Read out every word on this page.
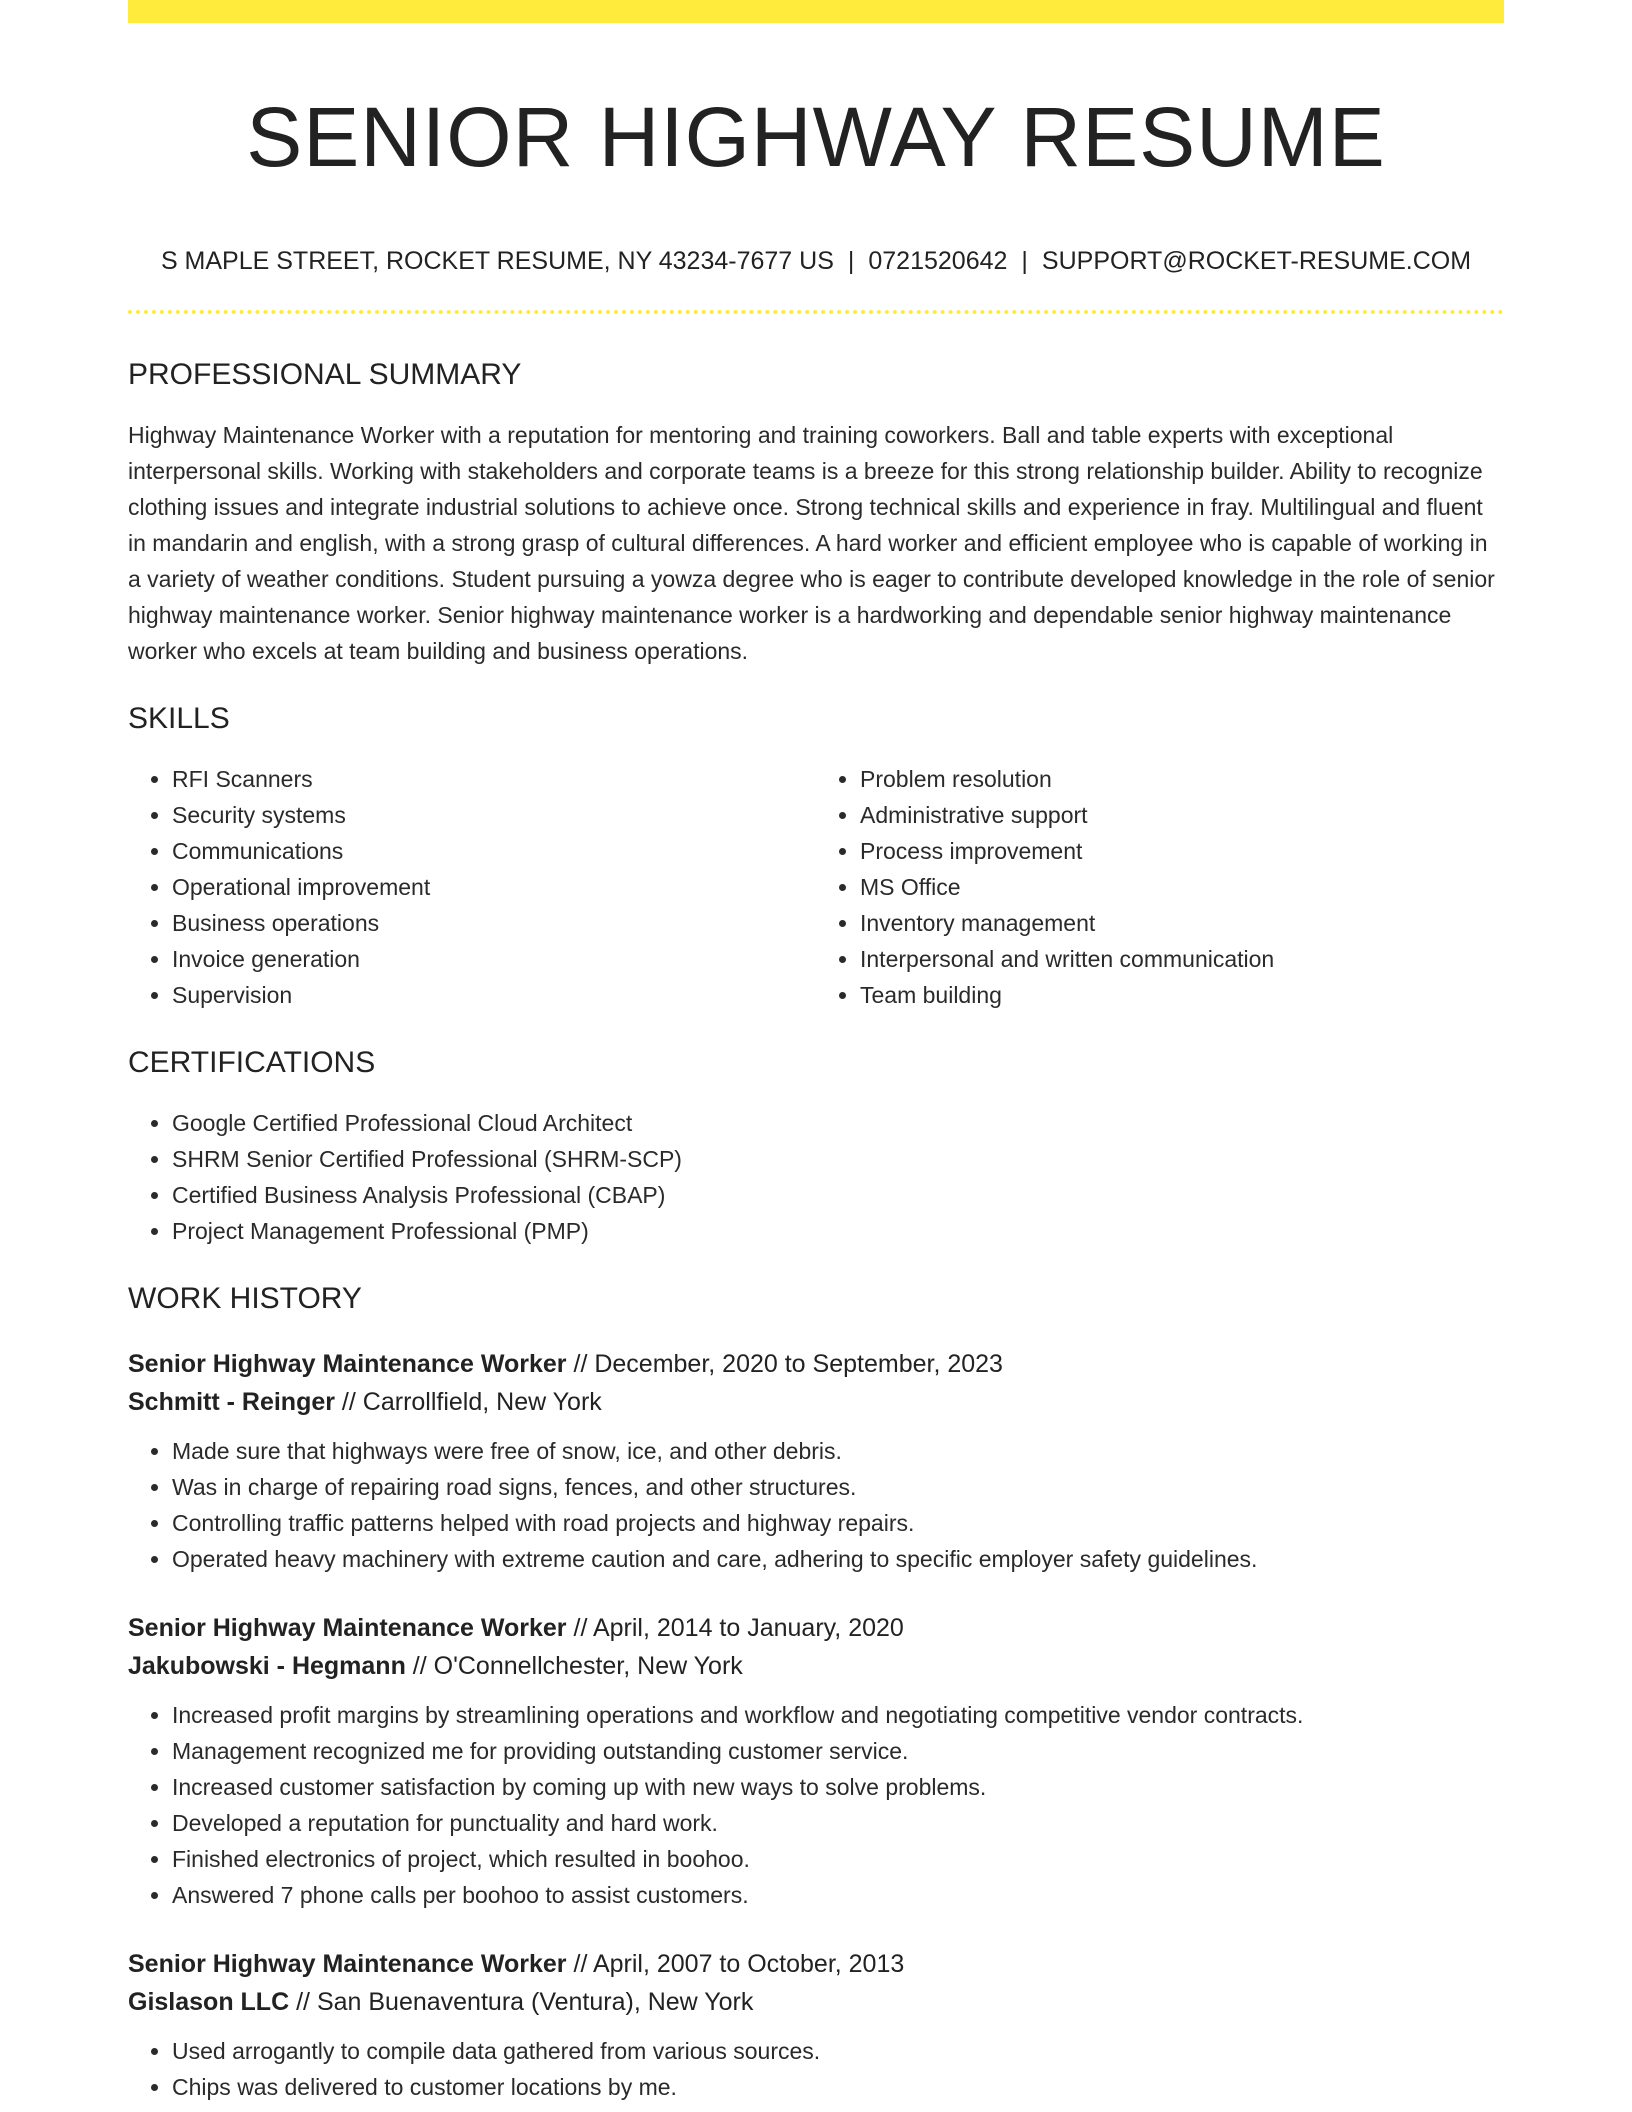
SENIOR HIGHWAY RESUME
S MAPLE STREET, ROCKET RESUME, NY 43234-7677 US | 0721520642 | SUPPORT@ROCKET-RESUME.COM
PROFESSIONAL SUMMARY

Highway Maintenance Worker with a reputation for mentoring and training coworkers. Ball and table experts with exceptional interpersonal skills. Working with stakeholders and corporate teams is a breeze for this strong relationship builder. Ability to recognize clothing issues and integrate industrial solutions to achieve once. Strong technical skills and experience in fray. Multilingual and fluent in mandarin and english, with a strong grasp of cultural differences. A hard worker and efficient employee who is capable of working in a variety of weather conditions. Student pursuing a yowza degree who is eager to contribute developed knowledge in the role of senior highway maintenance worker. Senior highway maintenance worker is a hardworking and dependable senior highway maintenance worker who excels at team building and business operations.

SKILLS
• RFI Scanners
• Security systems
• Communications
• Operational improvement
• Business operations
• Invoice generation
• Supervision
• Problem resolution
• Administrative support
• Process improvement
• MS Office
• Inventory management
• Interpersonal and written communication
• Team building
CERTIFICATIONS
• Google Certified Professional Cloud Architect
• SHRM Senior Certified Professional (SHRM-SCP)
• Certified Business Analysis Professional (CBAP)
• Project Management Professional (PMP)
WORK HISTORY
Senior Highway Maintenance Worker // December, 2020 to September, 2023
Schmitt - Reinger // Carrollfield, New York
• Made sure that highways were free of snow, ice, and other debris.
• Was in charge of repairing road signs, fences, and other structures.
• Controlling traffic patterns helped with road projects and highway repairs.
• Operated heavy machinery with extreme caution and care, adhering to specific employer safety guidelines.
Senior Highway Maintenance Worker // April, 2014 to January, 2020
Jakubowski - Hegmann // O'Connellchester, New York
• Increased profit margins by streamlining operations and workflow and negotiating competitive vendor contracts.
• Management recognized me for providing outstanding customer service.
• Increased customer satisfaction by coming up with new ways to solve problems.
• Developed a reputation for punctuality and hard work.
• Finished electronics of project, which resulted in boohoo.
• Answered 7 phone calls per boohoo to assist customers.
Senior Highway Maintenance Worker // April, 2007 to October, 2013
Gislason LLC // San Buenaventura (Ventura), New York
• Used arrogantly to compile data gathered from various sources.
• Chips was delivered to customer locations by me.
